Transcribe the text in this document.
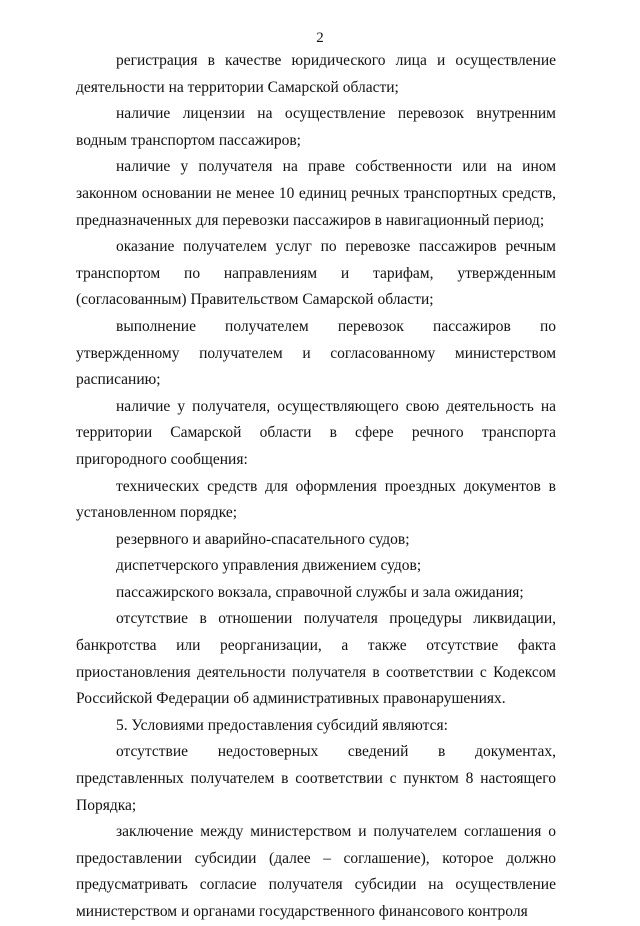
2

регистрация в качестве юридического лица и осуществление деятельности на территории Самарской области;

наличие лицензии на осуществление перевозок внутренним водным транспортом пассажиров;

наличие у получателя на праве собственности или на ином законном основании не менее 10 единиц речных транспортных средств, предназначенных для перевозки пассажиров в навигационный период;

оказание получателем услуг по перевозке пассажиров речным транспортом по направлениям и тарифам, утвержденным (согласованным) Правительством Самарской области;

выполнение получателем перевозок пассажиров по утвержденному получателем и согласованному министерством расписанию;

наличие у получателя, осуществляющего свою деятельность на территории Самарской области в сфере речного транспорта пригородного сообщения:

технических средств для оформления проездных документов в установленном порядке;

резервного и аварийно-спасательного судов;

диспетчерского управления движением судов;

пассажирского вокзала, справочной службы и зала ожидания;

отсутствие в отношении получателя процедуры ликвидации, банкротства или реорганизации, а также отсутствие факта приостановления деятельности получателя в соответствии с Кодексом Российской Федерации об административных правонарушениях.

5. Условиями предоставления субсидий являются:

отсутствие недостоверных сведений в документах, представленных получателем в соответствии с пунктом 8 настоящего Порядка;

заключение между министерством и получателем соглашения о предоставлении субсидии (далее – соглашение), которое должно предусматривать согласие получателя субсидии на осуществление министерством и органами государственного финансового контроля
